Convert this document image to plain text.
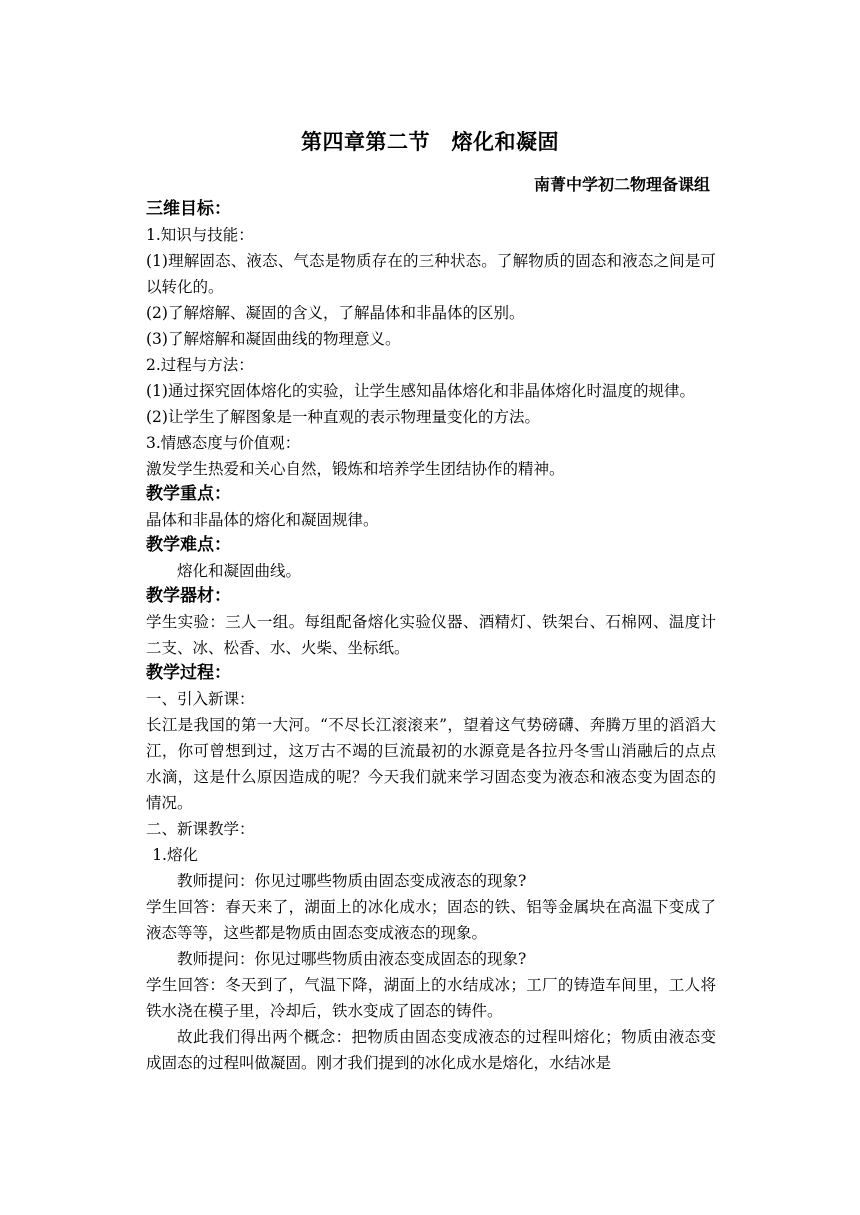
第四章第二节　熔化和凝固
南菁中学初二物理备课组

三维目标：

1.知识与技能：

(1)理解固态、液态、气态是物质存在的三种状态。了解物质的固态和液态之间是可以转化的。

(2)了解熔解、凝固的含义，了解晶体和非晶体的区别。

(3)了解熔解和凝固曲线的物理意义。

2.过程与方法：

(1)通过探究固体熔化的实验，让学生感知晶体熔化和非晶体熔化时温度的规律。

(2)让学生了解图象是一种直观的表示物理量变化的方法。

3.情感态度与价值观：

激发学生热爱和关心自然，锻炼和培养学生团结协作的精神。

教学重点：

晶体和非晶体的熔化和凝固规律。

教学难点：

熔化和凝固曲线。

教学器材：

学生实验：三人一组。每组配备熔化实验仪器、酒精灯、铁架台、石棉网、温度计二支、冰、松香、水、火柴、坐标纸。

教学过程：

一、引入新课：

长江是我国的第一大河。“不尽长江滚滚来”，望着这气势磅礴、奔腾万里的滔滔大江，你可曾想到过，这万古不竭的巨流最初的水源竟是各拉丹冬雪山消融后的点点水滴，这是什么原因造成的呢？今天我们就来学习固态变为液态和液态变为固态的情况。

二、新课教学：

1.熔化

教师提问：你见过哪些物质由固态变成液态的现象?

学生回答：春天来了，湖面上的冰化成水；固态的铁、铝等金属块在高温下变成了液态等等，这些都是物质由固态变成液态的现象。

教师提问：你见过哪些物质由液态变成固态的现象?

学生回答：冬天到了，气温下降，湖面上的水结成冰；工厂的铸造车间里，工人将铁水浇在模子里，冷却后，铁水变成了固态的铸件。

故此我们得出两个概念：把物质由固态变成液态的过程叫熔化；物质由液态变成固态的过程叫做凝固。刚才我们提到的冰化成水是熔化，水结冰是
